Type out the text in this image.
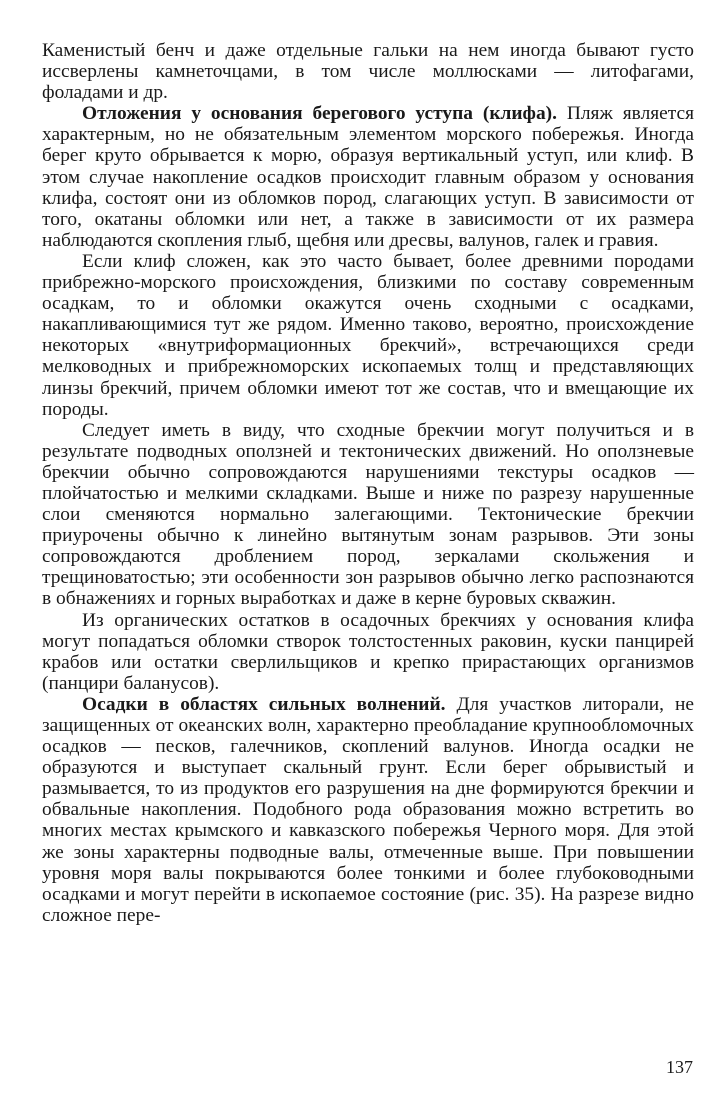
Каменистый бенч и даже отдельные гальки на нем иногда бывают густо иссверлены камнеточцами, в том числе моллюсками — литофагами, фоладами и др.

Отложения у основания берегового уступа (клифа). Пляж является характерным, но не обязательным элементом морского побережья. Иногда берег круто обрывается к морю, образуя вертикальный уступ, или клиф. В этом случае накопление осадков происходит главным образом у основания клифа, состоят они из обломков пород, слагающих уступ. В зависимости от того, окатаны обломки или нет, а также в зависимости от их размера наблюдаются скопления глыб, щебня или дресвы, валунов, галек и гравия.

Если клиф сложен, как это часто бывает, более древними породами прибрежно-морского происхождения, близкими по составу современным осадкам, то и обломки окажутся очень сходными с осадками, накапливающимися тут же рядом. Именно таково, вероятно, происхождение некоторых «внутриформационных брекчий», встречающихся среди мелководных и прибрежноморских ископаемых толщ и представляющих линзы брекчий, причем обломки имеют тот же состав, что и вмещающие их породы.

Следует иметь в виду, что сходные брекчии могут получиться и в результате подводных оползней и тектонических движений. Но оползневые брекчии обычно сопровождаются нарушениями текстуры осадков — плойчатостью и мелкими складками. Выше и ниже по разрезу нарушенные слои сменяются нормально залегающими. Тектонические брекчии приурочены обычно к линейно вытянутым зонам разрывов. Эти зоны сопровождаются дроблением пород, зеркалами скольжения и трещиноватостью; эти особенности зон разрывов обычно легко распознаются в обнажениях и горных выработках и даже в керне буровых скважин.

Из органических остатков в осадочных брекчиях у основания клифа могут попадаться обломки створок толстостенных раковин, куски панцирей крабов или остатки сверлильщиков и крепко прирастающих организмов (панцири баланусов).

Осадки в областях сильных волнений. Для участков литорали, не защищенных от океанских волн, характерно преобладание крупнообломочных осадков — песков, галечников, скоплений валунов. Иногда осадки не образуются и выступает скальный грунт. Если берег обрывистый и размывается, то из продуктов его разрушения на дне формируются брекчии и обвальные накопления. Подобного рода образования можно встретить во многих местах крымского и кавказского побережья Черного моря. Для этой же зоны характерны подводные валы, отмеченные выше. При повышении уровня моря валы покрываются более тонкими и более глубоководными осадками и могут перейти в ископаемое состояние (рис. 35). На разрезе видно сложное пере-

137
